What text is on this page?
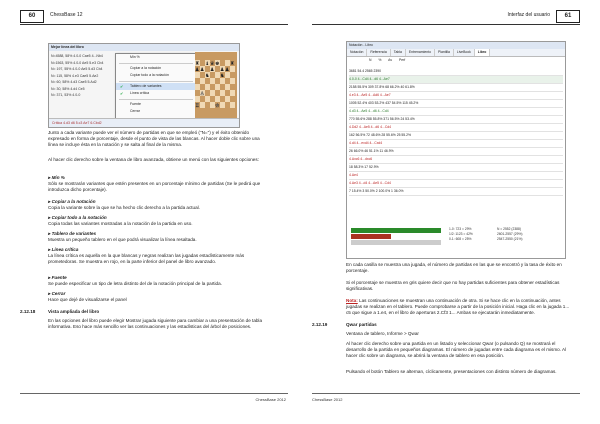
60	ChessBase 12
Mejor línea del libro
N=4588, 58% 4.0-0 Cae5 4...Nb4
N=1563, 55% 4.0-0 Ae5 5.e3 Cb4
N= 197, 55% 4.0-0 Ae5 5.d3 Cb4
N= 115, 58% 4.e3 Cae5 5.Ae2
N= 60, 58% 4.d3 Cae5 5.Ad2
N= 30, 58% 4.d4 Ce5
N= 371, 53% 4.0-0
Min %
Copiar a la notación
Copiar todo a la notación
✔ Tablero de variantes
✔ Línea crítica
Fuente
Cerrar
♜ ♝ ♛ ♚ ♜
♟ ♟ ♟ ♟ ♟
♞ ♞
♙
♖	♔
Crítica 4.d3 d6 5.c3 Ae7 6.Cbd2
Junto a cada variante puede ver el número de partidas en que se empleó ("N=") y el éxito obtenido expresado en forma de porcentaje, desde el punto de vista de las blancas. Al hacer doble clic sobre una línea se incluye ésta en la notación y se salta al final de la misma.
Al hacer clic derecho sobre la ventana de libro avanzada, obtiene un menú con las siguientes opciones:
▸ Min %
Sólo se mostrarán variantes que estén presentes en un porcentaje mínimo de partidas (Se le pedirá que introduzca dicho porcentaje).
▸ Copiar a la notación
Copia la variante sobre la que se ha hecho clic derecho a la partida actual.
▸ Copiar todo a la notación
Copia todas las variantes mostradas a la notación de la partida en uso.
▸ Tablero de variantes
Muestra un pequeño tablero en el que podrá visualizar la línea resaltada.
▸ Línea crítica
La línea crítica es aquella en la que blancas y negras realizan las jugadas estadísticamente más prometedoras. Se muestra en rojo, en la parte inferior del panel de libro avanzado.
▸ Fuente
Se puede especificar un tipo de letra distinto del de la notación principal de la partida.
▸ Cerrar
Hace que dejé de visualizarse el panel
2.12.18	Vista ampliada del libro
En las opciones del libro puede elegir Mostrar jugada siguiente para cambiar a una presentación de tabla informativa. Eso hace más sencillo ver las continuaciones y las estadísticas del árbol de posiciones.
ChessBase 2012
Interfaz del usuario	61
ChessBase 2012
Notación - Libro
Notación	Referencia	Tabla	Entrenamiento	Plantilla	LiveBook	Libro
N % Av Perf
3681 54.4 2565 2390
4.0-0 4...Cd4 4...d6 4...Ae7
2158 55.5% 309 37.8% 68 66.2% 40 61.8%
4.e3 4...Ae5 4...Ad6 4...Ae7
1005 52.4% 403 53.2% 437 54.5% 115 45.2%
4.d3 4...Ae5 4...d6 4...Cd4
770 55.6% 288 55.8% 371 56.5% 24 53.4%
4.Dd2 4...Ae5 4...d6 4...Cd4
162 56.5% 72 48.6% 28 55.6% 25 55.2%
4.d4 4...exd4 4...Cxd4
26 66.0% 46 51.1% 11 46.9%
4.Axc6 4...dxc6
18 58.3% 17 52.9%
4.Ae4
4.Ae3 4...d4 4...Ae5 4...Cd4
7 15.4% 3 50.0% 2 100.0% 1 36.0%
1-0: 723 = 29%
1/2: 1123 = 42%
0-1: 608 = 25%
N = 2552 (2388)
2601-2557 (29%)
2547-2550 (21%)
En cada casilla se muestra una jugada, el número de partidas en las que se encontró y la tasa de éxito en porcentaje.
Si el porcentaje se muestra en gris quiere decir que no hay partidas suficientes para obtener estadísticas significativas.
Nota: Las continuaciones se muestran una continuación de otra. Si se hace clic en la continuación, antes jugadas se realizan en el tablero. Puede comprobarse a partir de la posición inicial. Haga clic en la jugada 1... c5 que sigue a 1.e4, en el libro de aperturas 2.Cf3 1... Ambas se ejecutarán inmediatamente.
2.12.19	Qwar partidas
Ventana de tablero, Informe > Qwar
Al hacer clic derecho sobre una partida en un listado y seleccionar Qwar (o pulsando Q) se mostrará el desarrollo de la partida en pequeños diagramas. El número de jugadas entre cada diagrama es el mismo. Al hacer clic sobre un diagrama, se abrirá la ventana de tablero en esa posición.
Pulsando el botón Tablero se alternan, cíclicamente, presentaciones con distinto número de diagramas.
